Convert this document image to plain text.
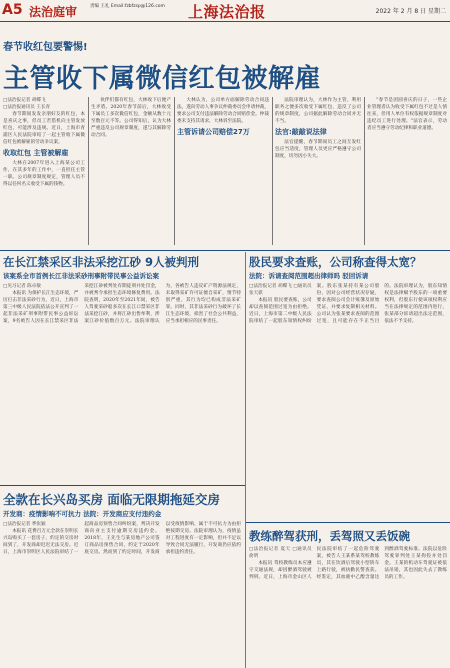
A5 法治庭审	责编 王礼 Email:fzbfzsp@126.com	上海法治报	2022 年 2 月 8 日 星期二
春节收红包要警惕!
主管收下属微信红包被解雇
□法治报记者 胡蝶飞
□法治报通讯员 王长青

春节期间发发亲朋好友的红包，本是喜庆之事，但员工若借机向主管发放红包，可能涉及违规。近日，上海市青浦区人民法院审结了一起主管收下属微信红包被解雇的劳动争议案。

收取红包 主管被解雇

大林在2007年进入上海某公司工作，在其多年的工作中，一直担任主管一职。公司规章制度规定，管理人员不得以任何名义收受下属的钱物。

伙伴们都有红包，大林收下后便产生矛盾。2020年春节前后，大林收受下属员工多次微信红包，金额从数十元至数百元不等。公司得知后，认为大林严重违反公司规章制度，遂与其解除劳动合同。

大林认为，公司单方面解除劳动合同违法，遂向劳动人事争议仲裁委员会申请仲裁，要求公司支付违法解除劳动合同赔偿金。仲裁委未支持其请求，大林诉至法院。

主管诉请公司赔偿27万

法院审理认为，大林作为主管，利用职务之便多次收受下属红包，违反了公司的规章制度，公司据此解除劳动合同并无不当。

法官:敲敲说法律

法官提醒，春节期间员工之间互发红包应当适度，管理人员更应严格遵守公司制度，切勿因小失大。

"春节是团圆喜庆的日子，一些企业管理者认为收受下属红包不过是人情往来，但用人单位有权依据规章制度对违纪员工进行处理。"法官表示，劳动者应当遵守劳动纪律和职业道德。

在长江禁采区非法采挖江砂 9人被判刑
该案系全市首例长江非法采砂刑事附带民事公益诉讼案
□见习记者 陈卓敏

本报讯 为保护长江生态环境，严厉打击非法采砂行为，近日，上海市第三中级人民法院依法公开宣判了一起非法采矿刑事附带民事公益诉讼案，9名被告人因在长江禁采区非法采挖江砂被判处有期徒刑并处罚金，并被判令承担生态环境修复费用。法院查明，2020年至2021年间，被告人驾驶采砂船多次在长江口禁采区非法采挖江砂，并将江砂出售牟利，涉案江砂价值数百万元。法院审理认为，各被告人违反矿产资源法规定，未取得采矿许可证擅自采矿，情节特别严重，其行为均已构成非法采矿罪。同时，其非法采砂行为破坏了长江生态环境，损害了社会公共利益，应当承担相应的民事责任。

股民要求查账，公司称查得太宽？
法院：诉请查阅范围超出律师吗 驳回诉请
□法治报记者 胡蝶飞 □通讯员 张天骐

本报讯 股民要查账，公司却以查阅范围过宽为由拒绝。近日，上海市第二中级人民法院审结了一起股东知情权纠纷案。股东张某持有某公司股份，因对公司经营状况存疑，要求查阅公司会计账簿及原始凭证，并要求复制相关材料。公司认为张某要求查阅的范围过宽，且可能存在不正当目的。法院审理认为，股东知情权是法律赋予股东的一项重要权利，但股东行使该项权利应当在法律规定的范围内进行，张某部分诉请超出法定范围，依法不予支持。

全款在长兴岛买房 面临无限期拖延交房
开发商：疫情影响不可抗力 法院：开发商应支付违约金
□法治报记者 季张颖

本报讯 花费百万元全款在崇明长兴岛购买了一套房子，约定的交房时间到了，开发商却迟迟无法交房。近日，上海市崇明区人民法院审结了一起商品房预售合同纠纷案，判决开发商向业主支付逾期交房违约金。2018年，王先生与某房地产公司签订商品房预售合同，约定于2020年底交房。然而到了约定时间，开发商以受疫情影响、属于不可抗力为由拒绝按期交房。法院审理认为，疫情虽对工程进度有一定影响，但并不足以导致合同无法履行，开发商仍应依约承担违约责任。

教练醉驾获刑，丢驾照又丢饭碗
□法治报记者 夏天 □通讯员 俞明

本报讯 驾校教练员本应遵守交通法规，却因醉酒驾驶被判刑。近日，上海市金山区人民法院审结了一起危险驾驶案，被告人王某系某驾校教练员，其在饮酒后驾驶小型轿车上路行驶，被执勤民警查获。经鉴定，其血液中乙醇含量达到醉酒驾驶标准。法院以危险驾驶罪判处王某拘役并处罚金。王某的机动车驾驶证被依法吊销，其也因此失去了教练员的工作。
